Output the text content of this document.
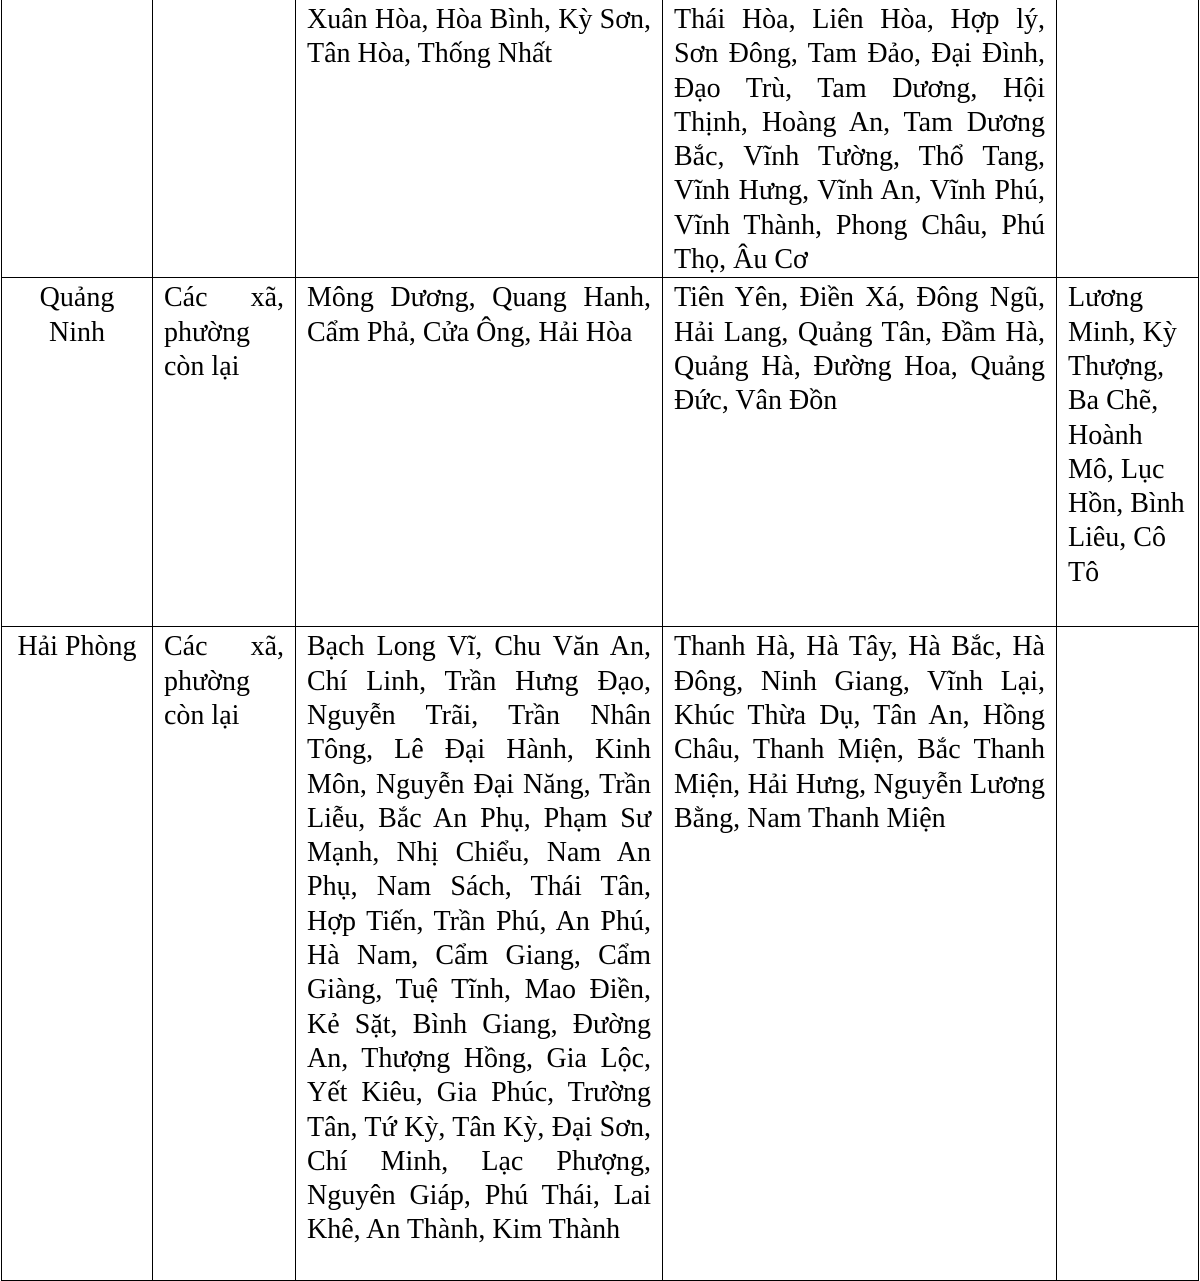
		Xuân Hòa, Hòa Bình, Kỳ Sơn, Tân Hòa, Thống Nhất	Thái Hòa, Liên Hòa, Hợp lý, Sơn Đông, Tam Đảo, Đại Đình, Đạo Trù, Tam Dương, Hội Thịnh, Hoàng An, Tam Dương Bắc, Vĩnh Tường, Thổ Tang, Vĩnh Hưng, Vĩnh An, Vĩnh Phú, Vĩnh Thành, Phong Châu, Phú Thọ, Âu Cơ	
Quảng Ninh	Các xã, phường còn lại	Mông Dương, Quang Hanh, Cẩm Phả, Cửa Ông, Hải Hòa	Tiên Yên, Điền Xá, Đông Ngũ, Hải Lang, Quảng Tân, Đầm Hà, Quảng Hà, Đường Hoa, Quảng Đức, Vân Đồn	Lương Minh, Kỳ Thượng, Ba Chẽ, Hoành Mô, Lục Hồn, Bình Liêu, Cô Tô
Hải Phòng	Các xã, phường còn lại	Bạch Long Vĩ, Chu Văn An, Chí Linh, Trần Hưng Đạo, Nguyễn Trãi, Trần Nhân Tông, Lê Đại Hành, Kinh Môn, Nguyễn Đại Năng, Trần Liễu, Bắc An Phụ, Phạm Sư Mạnh, Nhị Chiểu, Nam An Phụ, Nam Sách, Thái Tân, Hợp Tiến, Trần Phú, An Phú, Hà Nam, Cẩm Giang, Cẩm Giàng, Tuệ Tĩnh, Mao Điền, Kẻ Sặt, Bình Giang, Đường An, Thượng Hồng, Gia Lộc, Yết Kiêu, Gia Phúc, Trường Tân, Tứ Kỳ, Tân Kỳ, Đại Sơn, Chí Minh, Lạc Phượng, Nguyên Giáp, Phú Thái, Lai Khê, An Thành, Kim Thành	Thanh Hà, Hà Tây, Hà Bắc, Hà Đông, Ninh Giang, Vĩnh Lại, Khúc Thừa Dụ, Tân An, Hồng Châu, Thanh Miện, Bắc Thanh Miện, Hải Hưng, Nguyễn Lương Bằng, Nam Thanh Miện	
